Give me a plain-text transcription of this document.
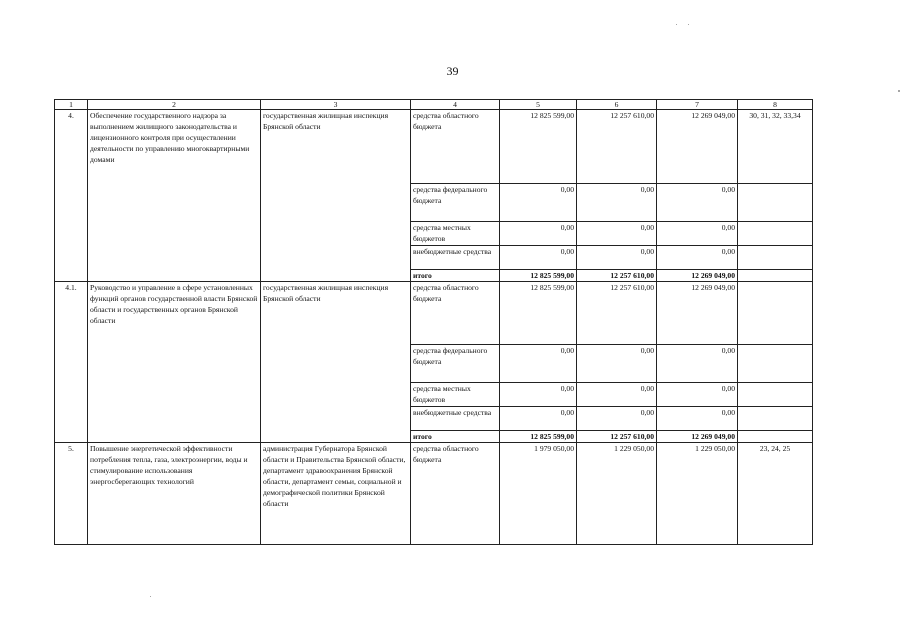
39
1	2	3	4	5	6	7	8
4.	Обеспечение государственного надзора за выполнением жилищного законодательства и лицензионного контроля при осуществлении деятельности по управлению многоквартирными домами	государственная жилищная инспекция Брянской области	средства областного бюджета	12 825 599,00	12 257 610,00	12 269 049,00	30, 31, 32, 33,34
			средства федерального бюджета	0,00	0,00	0,00	
			средства местных бюджетов	0,00	0,00	0,00	
			внебюджетные средства	0,00	0,00	0,00	
			итого	12 825 599,00	12 257 610,00	12 269 049,00	
4.1.	Руководство и управление в сфере установленных функций органов государственной власти Брянской области и государственных органов Брянской области	государственная жилищная инспекция Брянской области	средства областного бюджета	12 825 599,00	12 257 610,00	12 269 049,00	
			средства федерального бюджета	0,00	0,00	0,00	
			средства местных бюджетов	0,00	0,00	0,00	
			внебюджетные средства	0,00	0,00	0,00	
			итого	12 825 599,00	12 257 610,00	12 269 049,00	
5.	Повышение энергетической эффективности потребления тепла, газа, электроэнергии, воды и стимулирование использования энергосберегающих технологий	администрация Губернатора Брянской области и Правительства Брянской области, департамент здравоохранения Брянской области, департамент семьи, социальной и демографической политики Брянской области	средства областного бюджета	1 979 050,00	1 229 050,00	1 229 050,00	23, 24, 25
